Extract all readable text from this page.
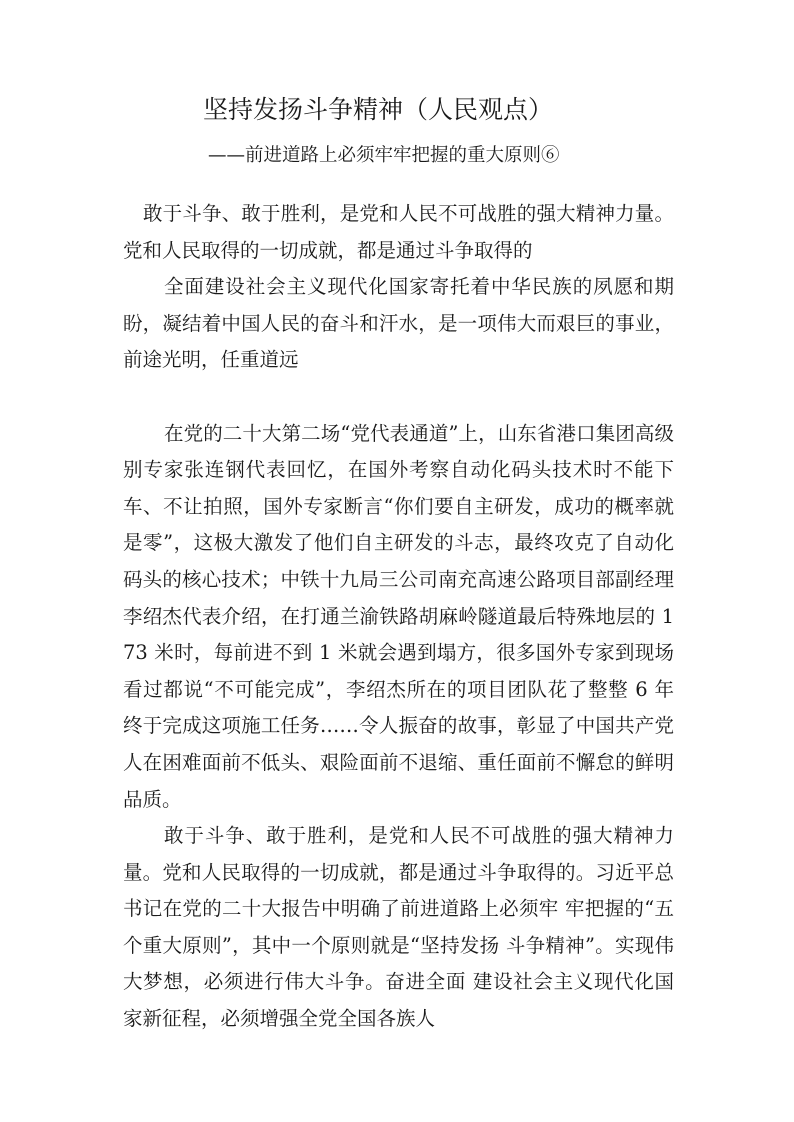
坚持发扬斗争精神（人民观点）
——前进道路上必须牢牢把握的重大原则⑥

敢于斗争、敢于胜利，是党和人民不可战胜的强大精神力量。党和人民取得的一切成就，都是通过斗争取得的

全面建设社会主义现代化国家寄托着中华民族的夙愿和期盼，凝结着中国人民的奋斗和汗水，是一项伟大而艰巨的事业，前途光明，任重道远

在党的二十大第二场“党代表通道”上，山东省港口集团高级别专家张连钢代表回忆，在国外考察自动化码头技术时不能下车、不让拍照，国外专家断言“你们要自主研发，成功的概率就是零”，这极大激发了他们自主研发的斗志，最终攻克了自动化码头的核心技术；中铁十九局三公司南充高速公路项目部副经理李绍杰代表介绍，在打通兰渝铁路胡麻岭隧道最后特殊地层的 173 米时，每前进不到 1 米就会遇到塌方，很多国外专家到现场看过都说“不可能完成”，李绍杰所在的项目团队花了整整 6 年终于完成这项施工任务……令人振奋的故事，彰显了中国共产党人在困难面前不低头、艰险面前不退缩、重任面前不懈怠的鲜明品质。

敢于斗争、敢于胜利，是党和人民不可战胜的强大精神力量。党和人民取得的一切成就，都是通过斗争取得的。习近平总书记在党的二十大报告中明确了前进道路上必须牢 牢把握的“五个重大原则”，其中一个原则就是“坚持发扬 斗争精神”。实现伟大梦想，必须进行伟大斗争。奋进全面 建设社会主义现代化国家新征程，必须增强全党全国各族人
